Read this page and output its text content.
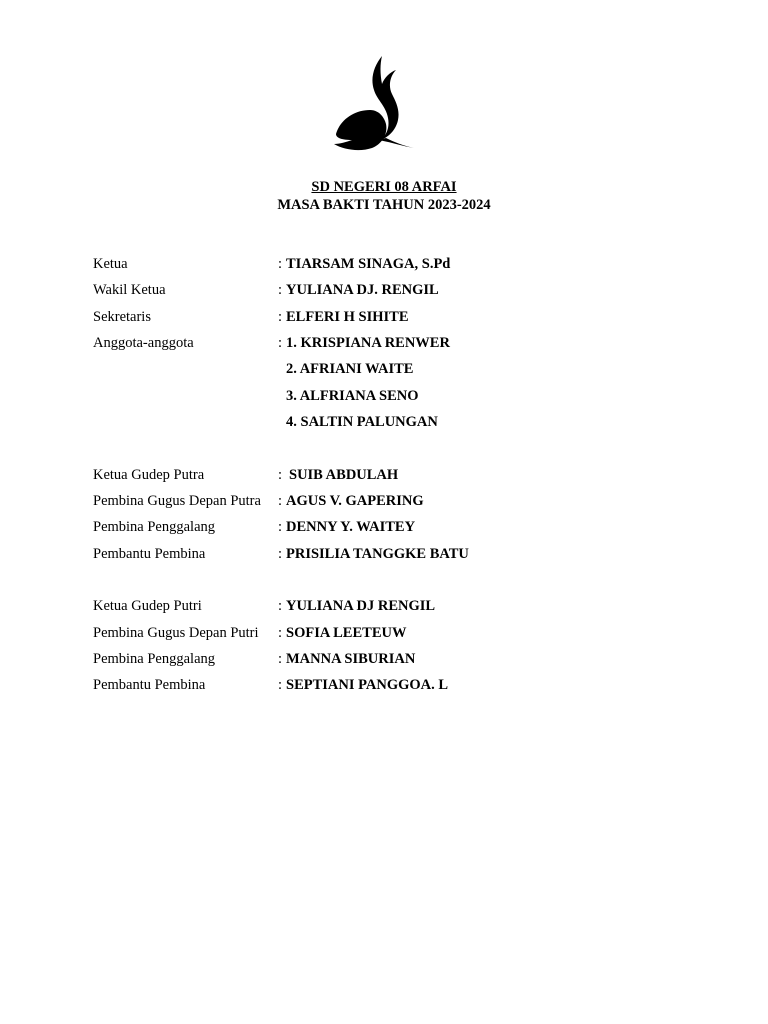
SD NEGERI 08 ARFAI
MASA BAKTI TAHUN 2023-2024
Ketua	: TIARSAM SINAGA, S.Pd
Wakil Ketua	: YULIANA DJ. RENGIL
Sekretaris	: ELFERI H SIHITE
Anggota-anggota	: 1. KRISPIANA RENWER
2. AFRIANI WAITE
3. ALFRIANA SENO
4. SALTIN PALUNGAN
Ketua Gudep Putra	: SUIB ABDULAH
Pembina Gugus Depan Putra : AGUS V. GAPERING
Pembina Penggalang	: DENNY Y. WAITEY
Pembantu Pembina	: PRISILIA TANGGKE BATU
Ketua Gudep Putri	: YULIANA DJ RENGIL
Pembina Gugus Depan Putri : SOFIA LEETEUW
Pembina Penggalang	: MANNA SIBURIAN
Pembantu Pembina	: SEPTIANI PANGGOA. L
